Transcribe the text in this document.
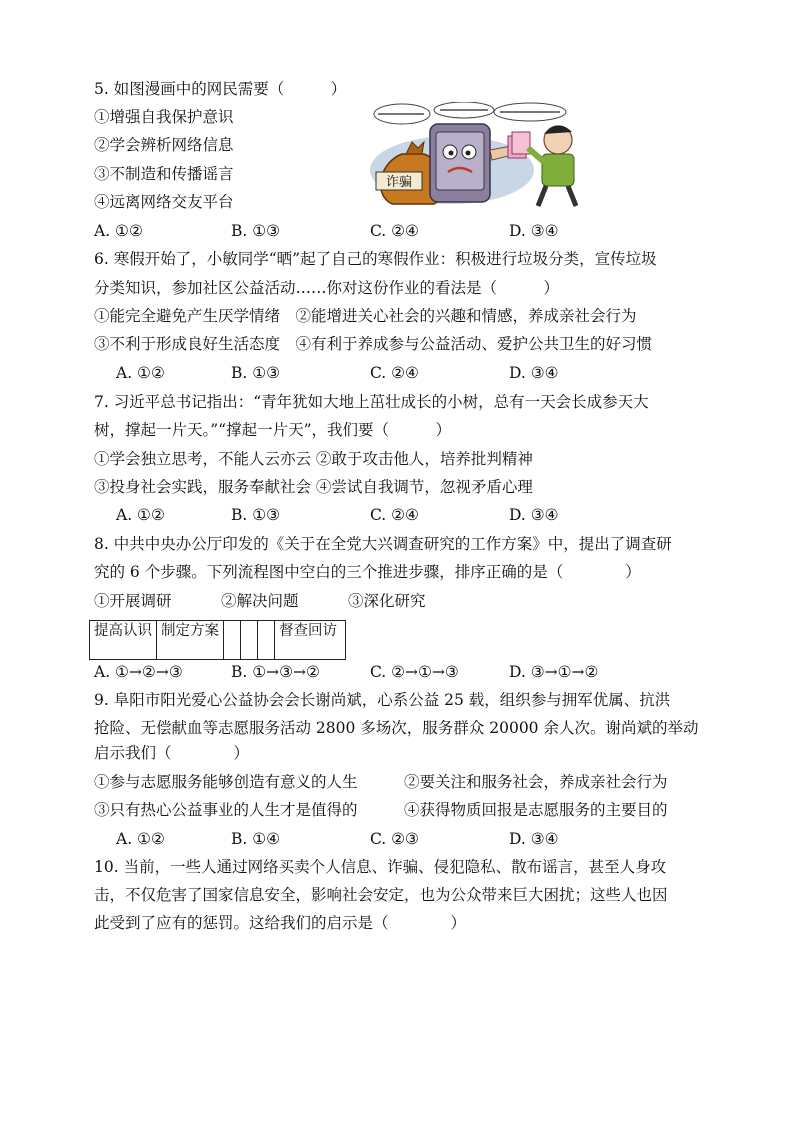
5. 如图漫画中的网民需要（　　　）
①增强自我保护意识
②学会辨析网络信息
③不制造和传播谣言
④远离网络交友平台
诈骗
A. ①②	B. ①③	C. ②④	D. ③④
6. 寒假开始了，小敏同学“晒”起了自己的寒假作业：积极进行垃圾分类，宣传垃圾
分类知识，参加社区公益活动……你对这份作业的看法是（　　　）
①能完全避免产生厌学情绪　②能增进关心社会的兴趣和情感，养成亲社会行为
③不利于形成良好生活态度　④有利于养成参与公益活动、爱护公共卫生的好习惯
A. ①②	B. ①③	C. ②④	D. ③④
7. 习近平总书记指出：“青年犹如大地上茁壮成长的小树，总有一天会长成参天大
树，撑起一片天。”“撑起一片天”，我们要（　　　）
①学会独立思考，不能人云亦云 ②敢于攻击他人，培养批判精神
③投身社会实践，服务奉献社会 ④尝试自我调节，忽视矛盾心理
A. ①②	B. ①③	C. ②④	D. ③④
8. 中共中央办公厅印发的《关于在全党大兴调查研究的工作方案》中，提出了调查研
究的 6 个步骤。下列流程图中空白的三个推进步骤，排序正确的是（　　　　）
①开展调研	②解决问题	③深化研究
提高认识	制定方案				督查回访
A. ①→②→③	B. ①→③→②	C. ②→①→③	D. ③→①→②
9. 阜阳市阳光爱心公益协会会长谢尚斌，心系公益 25 载，组织参与拥军优属、抗洪
抢险、无偿献血等志愿服务活动 2800 多场次，服务群众 20000 余人次。谢尚斌的举动
启示我们（　　　　）
①参与志愿服务能够创造有意义的人生　　　②要关注和服务社会，养成亲社会行为
③只有热心公益事业的人生才是值得的　　　④获得物质回报是志愿服务的主要目的
A. ①②	B. ①④	C. ②③	D. ③④
10. 当前，一些人通过网络买卖个人信息、诈骗、侵犯隐私、散布谣言，甚至人身攻
击，不仅危害了国家信息安全，影响社会安定，也为公众带来巨大困扰；这些人也因
此受到了应有的惩罚。这给我们的启示是（　　　　）
